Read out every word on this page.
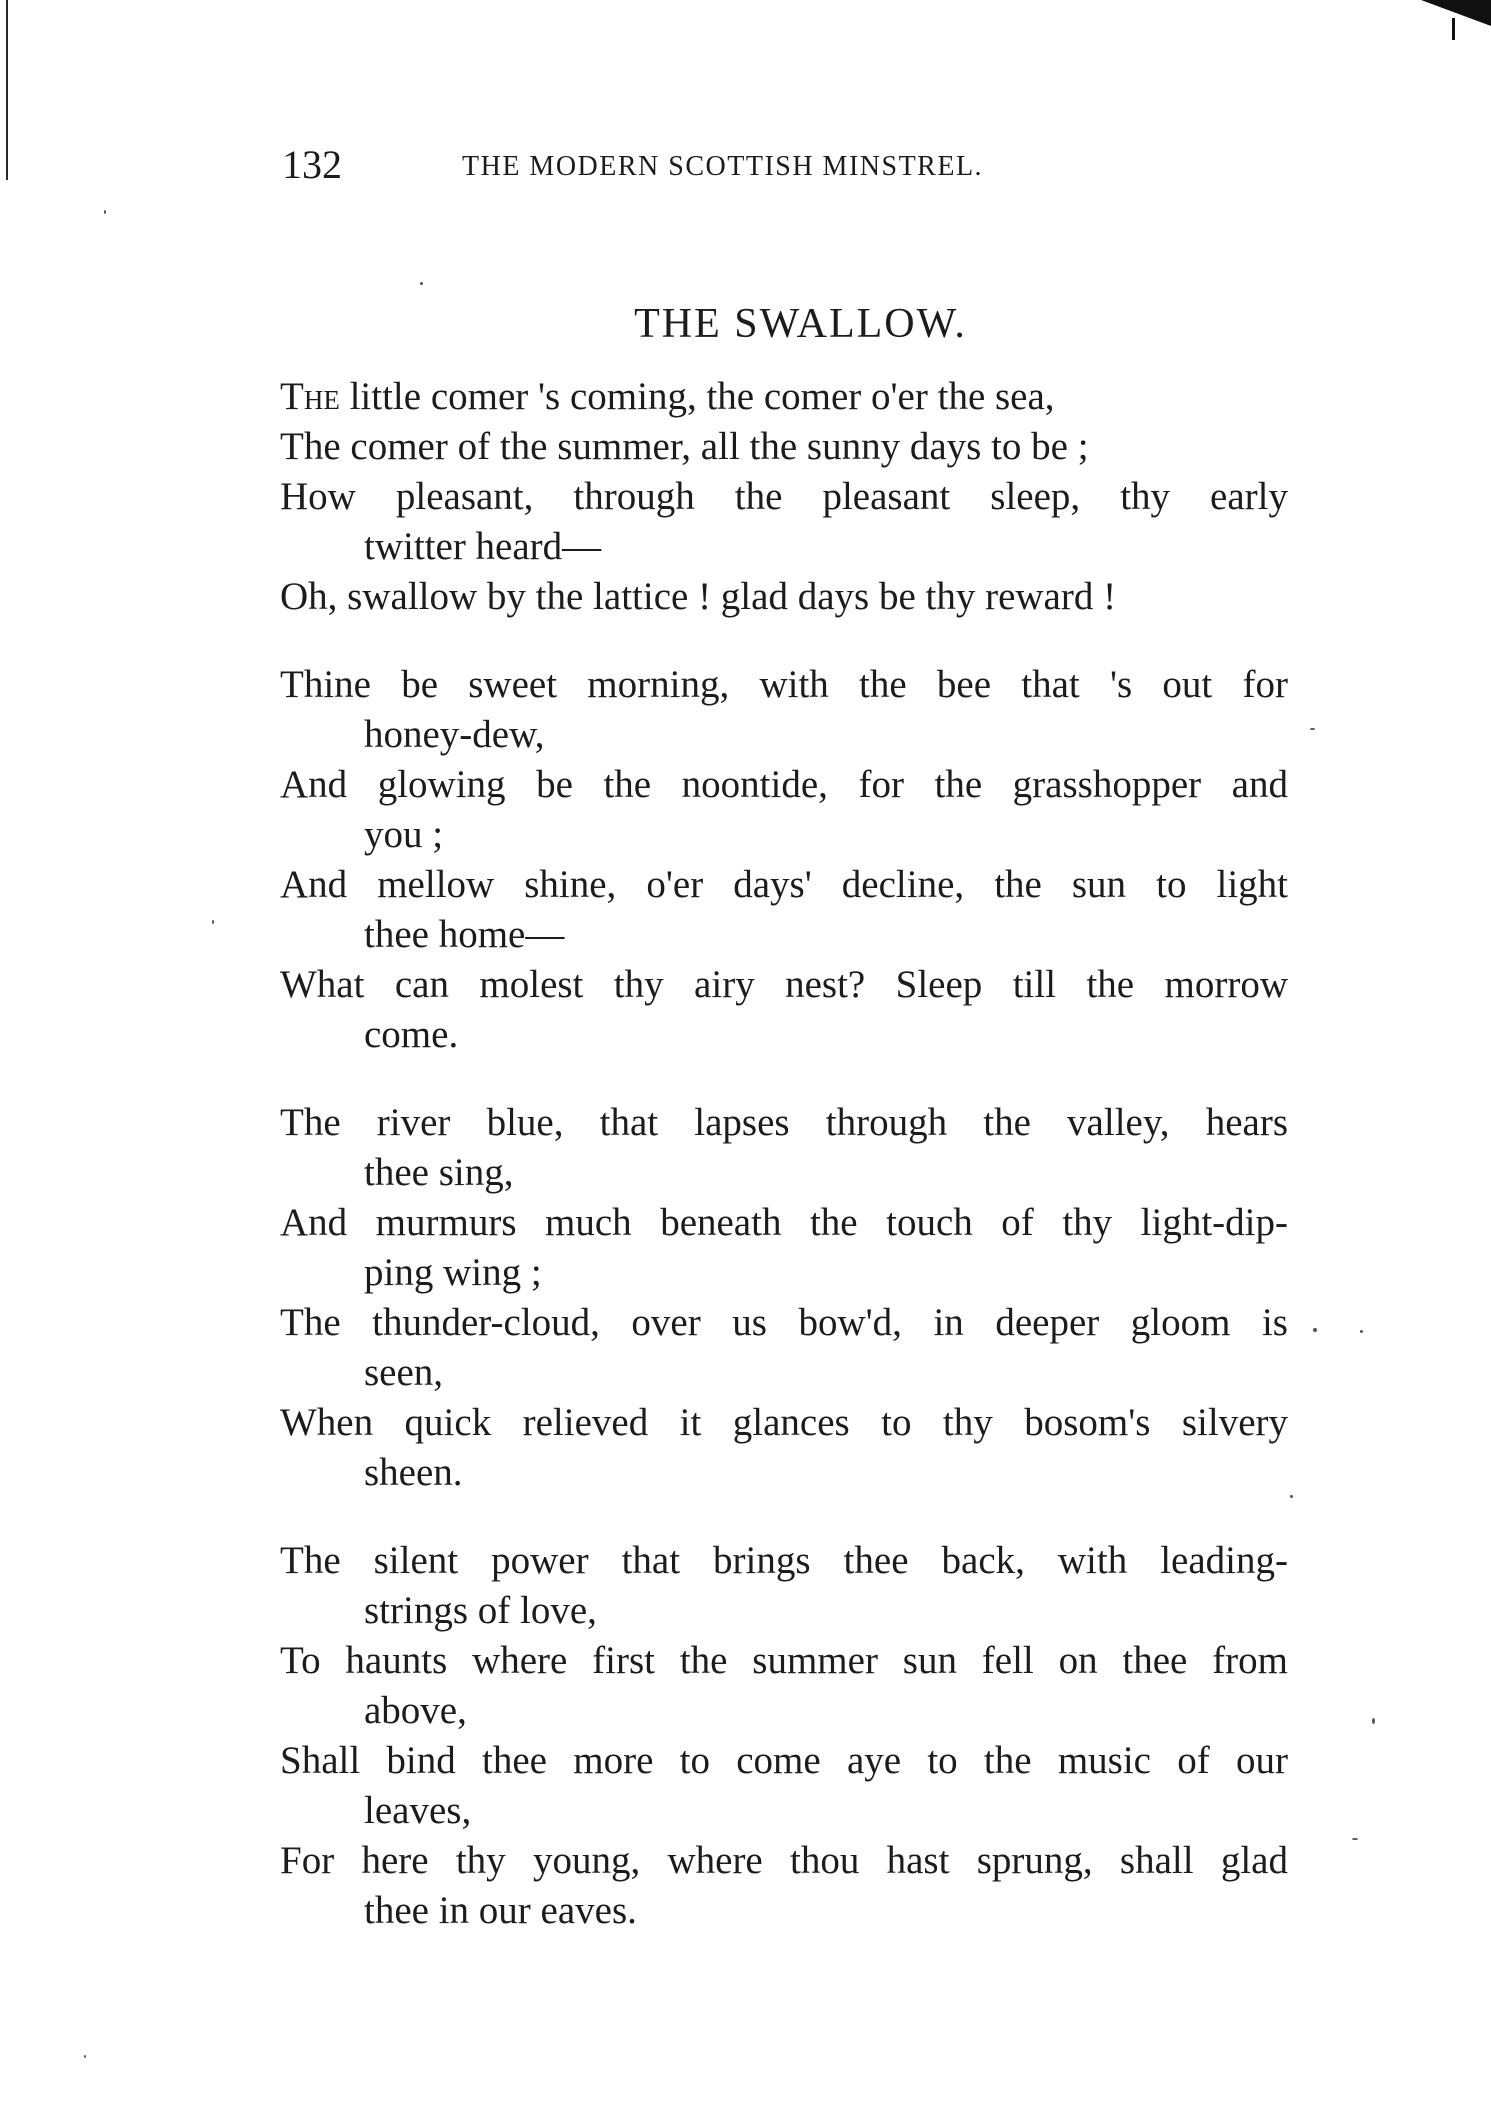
132	THE MODERN SCOTTISH MINSTREL.
THE SWALLOW.
The little comer 's coming, the comer o'er the sea,
The comer of the summer, all the sunny days to be ;
How pleasant, through the pleasant sleep, thy early
twitter heard—
Oh, swallow by the lattice ! glad days be thy reward !
Thine be sweet morning, with the bee that 's out for
honey-dew,
And glowing be the noontide, for the grasshopper and
you ;
And mellow shine, o'er days' decline, the sun to light
thee home—
What can molest thy airy nest? Sleep till the morrow
come.
The river blue, that lapses through the valley, hears
thee sing,
And murmurs much beneath the touch of thy light-dip-
ping wing ;
The thunder-cloud, over us bow'd, in deeper gloom is
seen,
When quick relieved it glances to thy bosom's silvery
sheen.
The silent power that brings thee back, with leading-
strings of love,
To haunts where first the summer sun fell on thee from
above,
Shall bind thee more to come aye to the music of our
leaves,
For here thy young, where thou hast sprung, shall glad
thee in our eaves.
